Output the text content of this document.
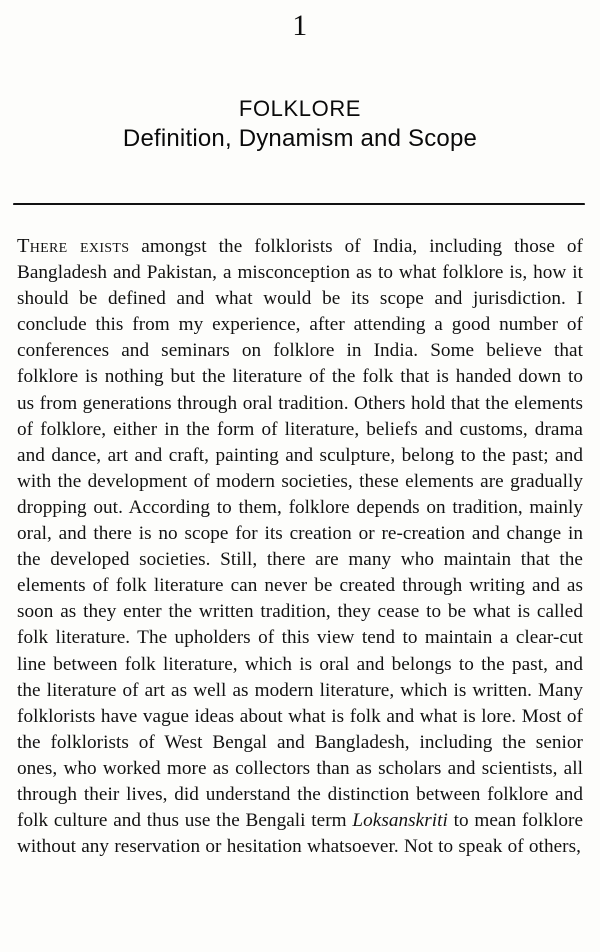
1
FOLKLORE
Definition, Dynamism and Scope

There exists amongst the folklorists of India, including those of Bangladesh and Pakistan, a misconception as to what folklore is, how it should be defined and what would be its scope and jurisdiction. I conclude this from my experience, after attending a good number of conferences and seminars on folklore in India. Some believe that folklore is nothing but the literature of the folk that is handed down to us from generations through oral tradition. Others hold that the elements of folklore, either in the form of literature, beliefs and customs, drama and dance, art and craft, painting and sculpture, belong to the past; and with the development of modern societies, these elements are gradually dropping out. According to them, folklore depends on tradition, mainly oral, and there is no scope for its creation or re-creation and change in the developed societies. Still, there are many who maintain that the elements of folk literature can never be created through writing and as soon as they enter the written tradition, they cease to be what is called folk literature. The upholders of this view tend to maintain a clear-cut line between folk literature, which is oral and belongs to the past, and the literature of art as well as modern literature, which is written. Many folklorists have vague ideas about what is folk and what is lore. Most of the folklorists of West Bengal and Bangladesh, including the senior ones, who worked more as collectors than as scholars and scientists, all through their lives, did understand the distinction between folklore and folk culture and thus use the Bengali term Loksanskriti to mean folklore without any reservation or hesitation whatsoever. Not to speak of others,
